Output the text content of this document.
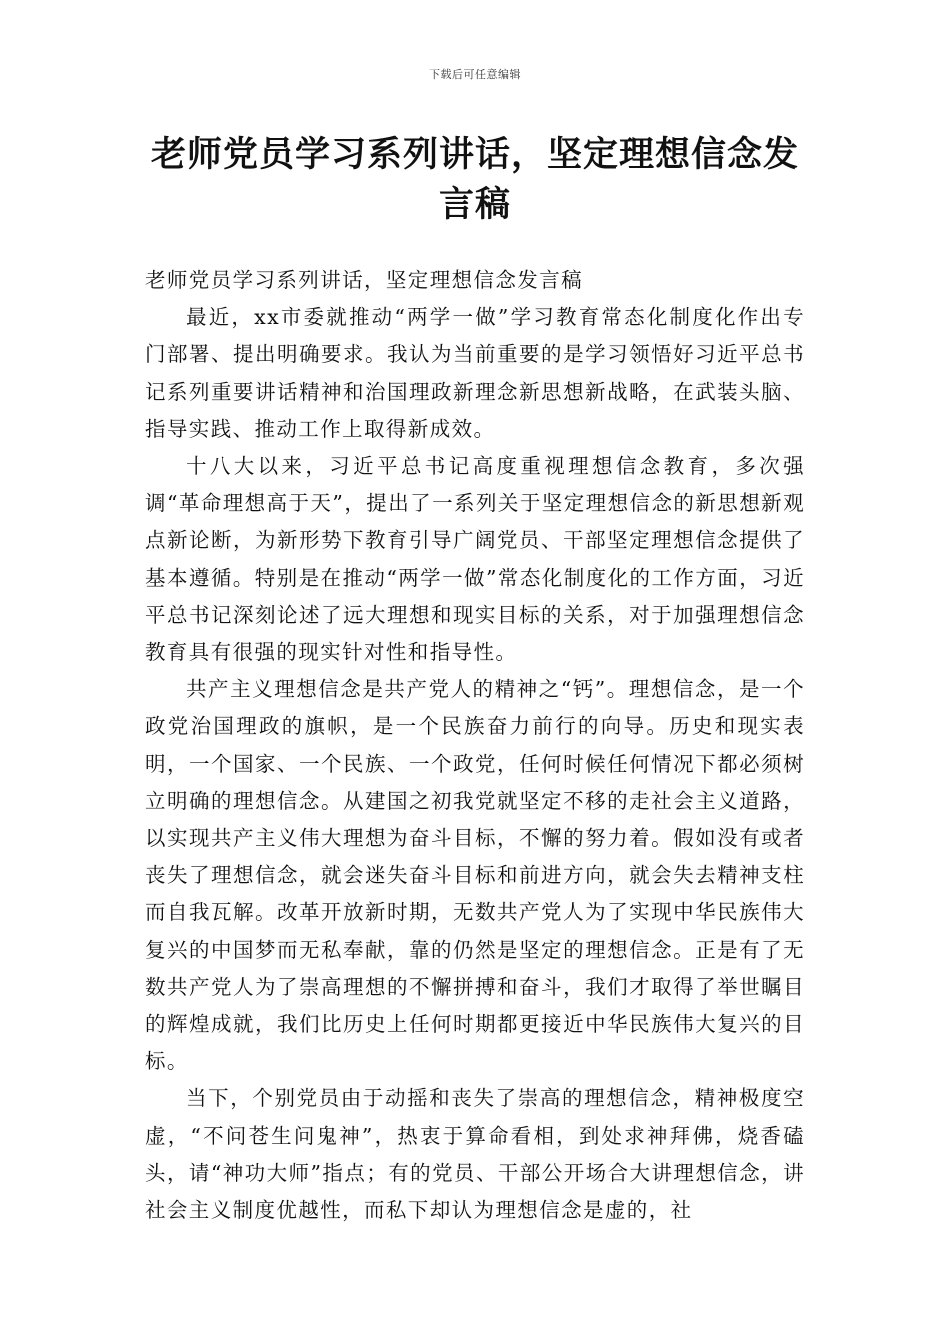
下载后可任意编辑
老师党员学习系列讲话，坚定理想信念发言稿

老师党员学习系列讲话，坚定理想信念发言稿

最近，xx市委就推动“两学一做”学习教育常态化制度化作出专门部署、提出明确要求。我认为当前重要的是学习领悟好习近平总书记系列重要讲话精神和治国理政新理念新思想新战略，在武装头脑、指导实践、推动工作上取得新成效。

十八大以来，习近平总书记高度重视理想信念教育，多次强调“革命理想高于天”，提出了一系列关于坚定理想信念的新思想新观点新论断，为新形势下教育引导广阔党员、干部坚定理想信念提供了基本遵循。特别是在推动“两学一做”常态化制度化的工作方面，习近平总书记深刻论述了远大理想和现实目标的关系，对于加强理想信念教育具有很强的现实针对性和指导性。

共产主义理想信念是共产党人的精神之“钙”。理想信念，是一个政党治国理政的旗帜，是一个民族奋力前行的向导。历史和现实表明，一个国家、一个民族、一个政党，任何时候任何情况下都必须树立明确的理想信念。从建国之初我党就坚定不移的走社会主义道路，以实现共产主义伟大理想为奋斗目标，不懈的努力着。假如没有或者丧失了理想信念，就会迷失奋斗目标和前进方向，就会失去精神支柱而自我瓦解。改革开放新时期，无数共产党人为了实现中华民族伟大复兴的中国梦而无私奉献，靠的仍然是坚定的理想信念。正是有了无数共产党人为了崇高理想的不懈拼搏和奋斗，我们才取得了举世瞩目的辉煌成就，我们比历史上任何时期都更接近中华民族伟大复兴的目标。

当下，个别党员由于动摇和丧失了崇高的理想信念，精神极度空虚，“不问苍生问鬼神”，热衷于算命看相，到处求神拜佛，烧香磕头，请“神功大师”指点；有的党员、干部公开场合大讲理想信念，讲社会主义制度优越性，而私下却认为理想信念是虚的，社
